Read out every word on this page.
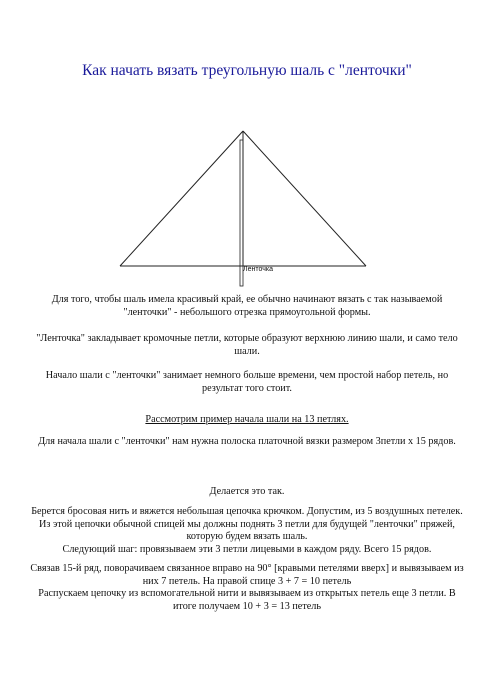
Как начать вязать треугольную шаль с "ленточки"
Ленточка

Для того, чтобы шаль имела красивый край, ее обычно начинают вязать с так называемой "ленточки" - небольшого отрезка прямоугольной формы.

"Ленточка" закладывает кромочные петли, которые образуют верхнюю линию шали, и само тело шали.

Начало шали с "ленточки" занимает немного больше времени, чем простой набор петель, но результат того стоит.

Рассмотрим пример начала шали на 13 петлях.

Для начала шали с "ленточки" нам нужна полоска платочной вязки размером 3петли х 15 рядов.

Делается это так.

Берется бросовая нить и вяжется небольшая цепочка крючком. Допустим, из 5 воздушных петелек.

Из этой цепочки обычной спицей мы должны поднять 3 петли для будущей "ленточки" пряжей, которую будем вязать шаль.

Следующий шаг: провязываем эти 3 петли лицевыми в каждом ряду. Всего 15 рядов.

Связав 15-й ряд, поворачиваем связанное вправо на 90° [кравыми петелями вверх] и вывязываем из них 7 петель. На правой спице 3 + 7 = 10 петель

Распускаем цепочку из вспомогательной нити и вывязываем из открытых петель еще 3 петли. В итоге получаем 10 + 3 = 13 петель
